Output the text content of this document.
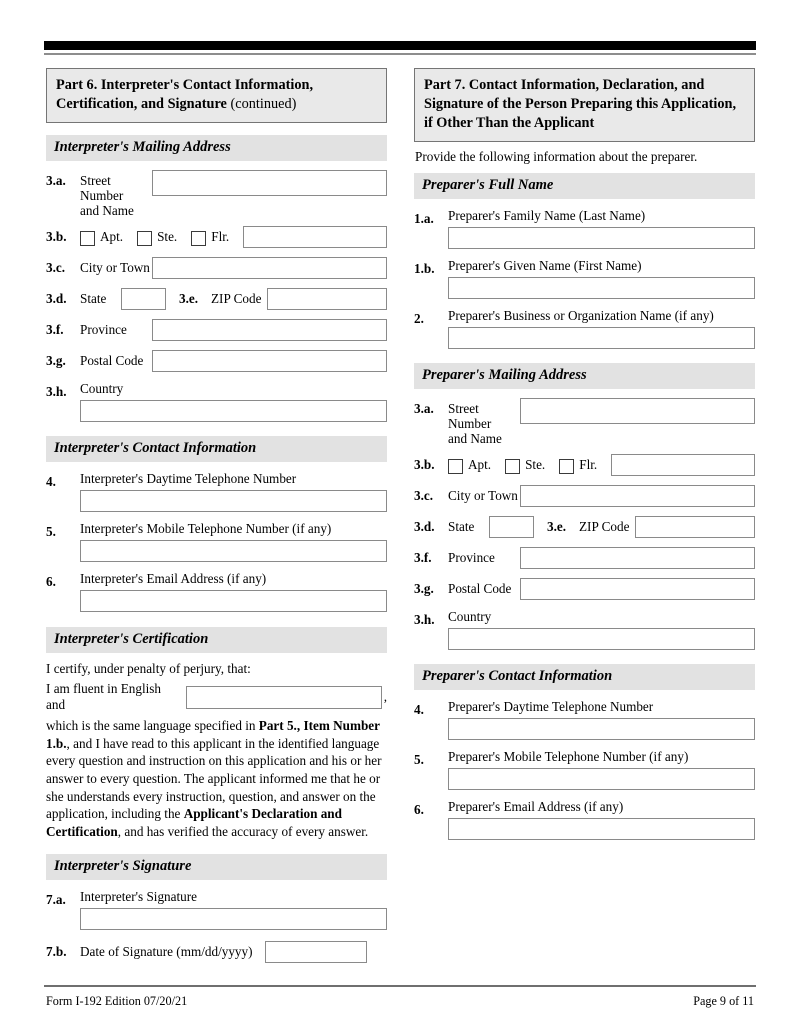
Part 6. Interpreter's Contact Information, Certification, and Signature (continued)
Interpreter's Mailing Address
3.a.	Street Number
and Name
3.b.	Apt.	Ste.	Flr.
3.c.	City or Town
3.d.	State	3.e. ZIP Code
3.f.	Province
3.g.	Postal Code
3.h.	Country
Interpreter's Contact Information
4.	Interpreter's Daytime Telephone Number
5.	Interpreter's Mobile Telephone Number (if any)
6.	Interpreter's Email Address (if any)
Interpreter's Certification
I certify, under penalty of perjury, that:
I am fluent in English and
,
which is the same language specified in Part 5., Item Number 1.b., and I have read to this applicant in the identified language every question and instruction on this application and his or her answer to every question. The applicant informed me that he or she understands every instruction, question, and answer on the application, including the Applicant's Declaration and Certification, and has verified the accuracy of every answer.
Interpreter's Signature
7.a.	Interpreter's Signature
7.b.	Date of Signature (mm/dd/yyyy)
Part 7. Contact Information, Declaration, and Signature of the Person Preparing this Application, if Other Than the Applicant
Provide the following information about the preparer.
Preparer's Full Name
1.a.	Preparer's Family Name (Last Name)
1.b.	Preparer's Given Name (First Name)
2.	Preparer's Business or Organization Name (if any)
Preparer's Mailing Address
3.a.	Street Number
and Name
3.b.	Apt.	Ste.	Flr.
3.c.	City or Town
3.d.	State	3.e. ZIP Code
3.f.	Province
3.g.	Postal Code
3.h.	Country
Preparer's Contact Information
4.	Preparer's Daytime Telephone Number
5.	Preparer's Mobile Telephone Number (if any)
6.	Preparer's Email Address (if any)
Form I-192 Edition 07/20/21	Page 9 of 11
